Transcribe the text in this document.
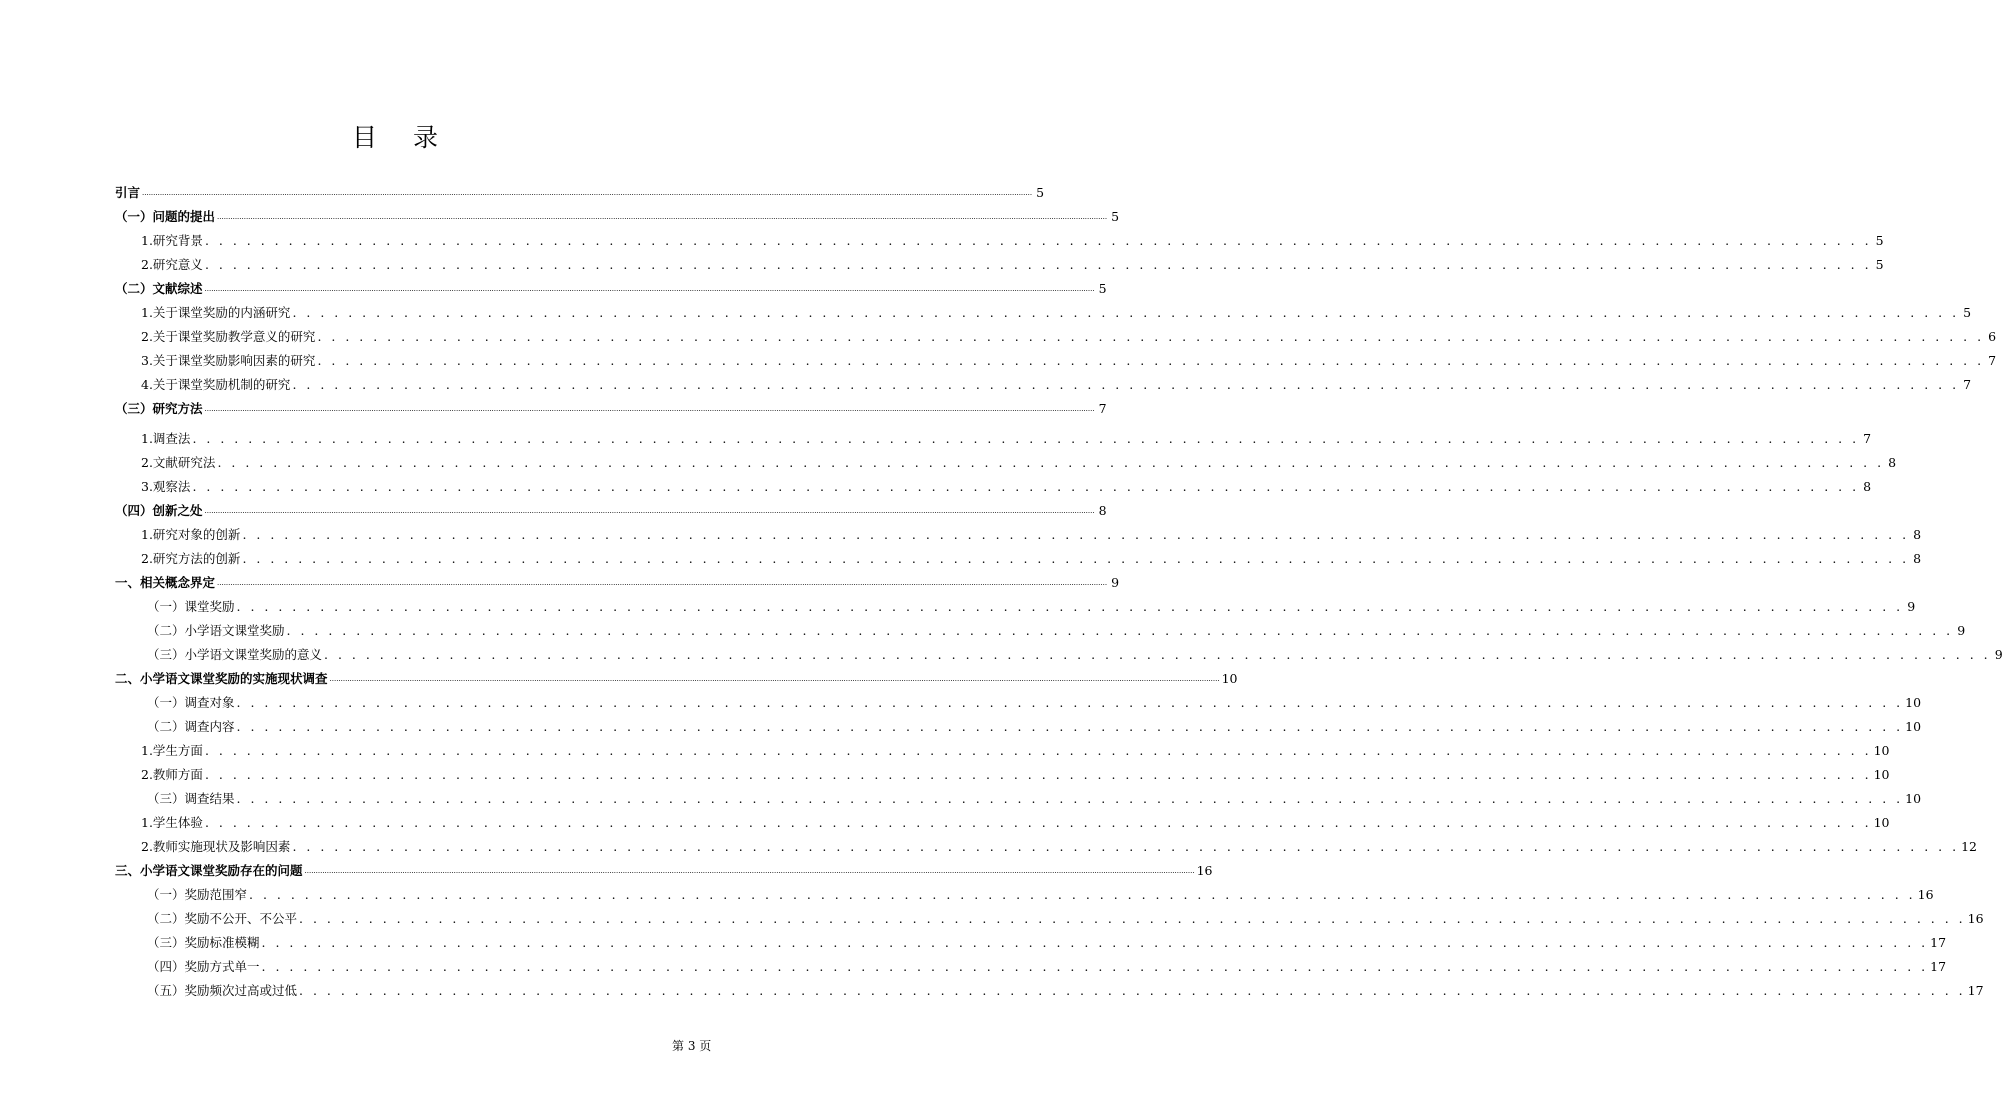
目 录
引言 ................................................................................................................................................................................................................................................................................................................................................................................................................ 5
（一）问题的提出 ................................................................................................................................................................................................................................................................................................................................................................................................................ 5
1.研究背景 . . . . . . . . . . . . . . . . . . . . . . . . . . . . . . . . . . . . . . . . . . . . . . . . . . . . . . . . . . . . . . . . . . . . . . . . . . . . . . . . . . . . . . . . . . . . . . . . . . . . . . . . . . . . . . . . . . . . . . . . 5
2.研究意义 . . . . . . . . . . . . . . . . . . . . . . . . . . . . . . . . . . . . . . . . . . . . . . . . . . . . . . . . . . . . . . . . . . . . . . . . . . . . . . . . . . . . . . . . . . . . . . . . . . . . . . . . . . . . . . . . . . . . . . . . 5
（二）文献综述 ................................................................................................................................................................................................................................................................................................................................................................................................................ 5
1.关于课堂奖励的内涵研究 . . . . . . . . . . . . . . . . . . . . . . . . . . . . . . . . . . . . . . . . . . . . . . . . . . . . . . . . . . . . . . . . . . . . . . . . . . . . . . . . . . . . . . . . . . . . . . . . . . . . . . . . . . . . . . . . . . . . . . . . 5
2.关于课堂奖励教学意义的研究 . . . . . . . . . . . . . . . . . . . . . . . . . . . . . . . . . . . . . . . . . . . . . . . . . . . . . . . . . . . . . . . . . . . . . . . . . . . . . . . . . . . . . . . . . . . . . . . . . . . . . . . . . . . . . . . . . . . . . . . . 6
3.关于课堂奖励影响因素的研究 . . . . . . . . . . . . . . . . . . . . . . . . . . . . . . . . . . . . . . . . . . . . . . . . . . . . . . . . . . . . . . . . . . . . . . . . . . . . . . . . . . . . . . . . . . . . . . . . . . . . . . . . . . . . . . . . . . . . . . . . 7
4.关于课堂奖励机制的研究 . . . . . . . . . . . . . . . . . . . . . . . . . . . . . . . . . . . . . . . . . . . . . . . . . . . . . . . . . . . . . . . . . . . . . . . . . . . . . . . . . . . . . . . . . . . . . . . . . . . . . . . . . . . . . . . . . . . . . . . . 7
（三）研究方法 ................................................................................................................................................................................................................................................................................................................................................................................................................ 7
1.调查法 . . . . . . . . . . . . . . . . . . . . . . . . . . . . . . . . . . . . . . . . . . . . . . . . . . . . . . . . . . . . . . . . . . . . . . . . . . . . . . . . . . . . . . . . . . . . . . . . . . . . . . . . . . . . . . . . . . . . . . . . 7
2.文献研究法 . . . . . . . . . . . . . . . . . . . . . . . . . . . . . . . . . . . . . . . . . . . . . . . . . . . . . . . . . . . . . . . . . . . . . . . . . . . . . . . . . . . . . . . . . . . . . . . . . . . . . . . . . . . . . . . . . . . . . . . . 8
3.观察法 . . . . . . . . . . . . . . . . . . . . . . . . . . . . . . . . . . . . . . . . . . . . . . . . . . . . . . . . . . . . . . . . . . . . . . . . . . . . . . . . . . . . . . . . . . . . . . . . . . . . . . . . . . . . . . . . . . . . . . . . 8
（四）创新之处 ................................................................................................................................................................................................................................................................................................................................................................................................................ 8
1.研究对象的创新 . . . . . . . . . . . . . . . . . . . . . . . . . . . . . . . . . . . . . . . . . . . . . . . . . . . . . . . . . . . . . . . . . . . . . . . . . . . . . . . . . . . . . . . . . . . . . . . . . . . . . . . . . . . . . . . . . . . . . . . . 8
2.研究方法的创新 . . . . . . . . . . . . . . . . . . . . . . . . . . . . . . . . . . . . . . . . . . . . . . . . . . . . . . . . . . . . . . . . . . . . . . . . . . . . . . . . . . . . . . . . . . . . . . . . . . . . . . . . . . . . . . . . . . . . . . . . 8
一、相关概念界定 ................................................................................................................................................................................................................................................................................................................................................................................................................ 9
（一）课堂奖励 . . . . . . . . . . . . . . . . . . . . . . . . . . . . . . . . . . . . . . . . . . . . . . . . . . . . . . . . . . . . . . . . . . . . . . . . . . . . . . . . . . . . . . . . . . . . . . . . . . . . . . . . . . . . . . . . . . . . . . . . 9
（二）小学语文课堂奖励 . . . . . . . . . . . . . . . . . . . . . . . . . . . . . . . . . . . . . . . . . . . . . . . . . . . . . . . . . . . . . . . . . . . . . . . . . . . . . . . . . . . . . . . . . . . . . . . . . . . . . . . . . . . . . . . . . . . . . . . . 9
（三）小学语文课堂奖励的意义 . . . . . . . . . . . . . . . . . . . . . . . . . . . . . . . . . . . . . . . . . . . . . . . . . . . . . . . . . . . . . . . . . . . . . . . . . . . . . . . . . . . . . . . . . . . . . . . . . . . . . . . . . . . . . . . . . . . . . . . . 9
二、小学语文课堂奖励的实施现状调查 ................................................................................................................................................................................................................................................................................................................................................................................................................ 10
（一）调查对象 . . . . . . . . . . . . . . . . . . . . . . . . . . . . . . . . . . . . . . . . . . . . . . . . . . . . . . . . . . . . . . . . . . . . . . . . . . . . . . . . . . . . . . . . . . . . . . . . . . . . . . . . . . . . . . . . . . . . . . . . 10
（二）调查内容 . . . . . . . . . . . . . . . . . . . . . . . . . . . . . . . . . . . . . . . . . . . . . . . . . . . . . . . . . . . . . . . . . . . . . . . . . . . . . . . . . . . . . . . . . . . . . . . . . . . . . . . . . . . . . . . . . . . . . . . . 10
1.学生方面 . . . . . . . . . . . . . . . . . . . . . . . . . . . . . . . . . . . . . . . . . . . . . . . . . . . . . . . . . . . . . . . . . . . . . . . . . . . . . . . . . . . . . . . . . . . . . . . . . . . . . . . . . . . . . . . . . . . . . . . . 10
2.教师方面 . . . . . . . . . . . . . . . . . . . . . . . . . . . . . . . . . . . . . . . . . . . . . . . . . . . . . . . . . . . . . . . . . . . . . . . . . . . . . . . . . . . . . . . . . . . . . . . . . . . . . . . . . . . . . . . . . . . . . . . . 10
（三）调查结果 . . . . . . . . . . . . . . . . . . . . . . . . . . . . . . . . . . . . . . . . . . . . . . . . . . . . . . . . . . . . . . . . . . . . . . . . . . . . . . . . . . . . . . . . . . . . . . . . . . . . . . . . . . . . . . . . . . . . . . . . 10
1.学生体验 . . . . . . . . . . . . . . . . . . . . . . . . . . . . . . . . . . . . . . . . . . . . . . . . . . . . . . . . . . . . . . . . . . . . . . . . . . . . . . . . . . . . . . . . . . . . . . . . . . . . . . . . . . . . . . . . . . . . . . . . 10
2.教师实施现状及影响因素 . . . . . . . . . . . . . . . . . . . . . . . . . . . . . . . . . . . . . . . . . . . . . . . . . . . . . . . . . . . . . . . . . . . . . . . . . . . . . . . . . . . . . . . . . . . . . . . . . . . . . . . . . . . . . . . . . . . . . . . . 12
三、小学语文课堂奖励存在的问题 ................................................................................................................................................................................................................................................................................................................................................................................................................ 16
（一）奖励范围窄 . . . . . . . . . . . . . . . . . . . . . . . . . . . . . . . . . . . . . . . . . . . . . . . . . . . . . . . . . . . . . . . . . . . . . . . . . . . . . . . . . . . . . . . . . . . . . . . . . . . . . . . . . . . . . . . . . . . . . . . . 16
（二）奖励不公开、不公平 . . . . . . . . . . . . . . . . . . . . . . . . . . . . . . . . . . . . . . . . . . . . . . . . . . . . . . . . . . . . . . . . . . . . . . . . . . . . . . . . . . . . . . . . . . . . . . . . . . . . . . . . . . . . . . . . . . . . . . . . 16
（三）奖励标准模糊 . . . . . . . . . . . . . . . . . . . . . . . . . . . . . . . . . . . . . . . . . . . . . . . . . . . . . . . . . . . . . . . . . . . . . . . . . . . . . . . . . . . . . . . . . . . . . . . . . . . . . . . . . . . . . . . . . . . . . . . . 17
（四）奖励方式单一 . . . . . . . . . . . . . . . . . . . . . . . . . . . . . . . . . . . . . . . . . . . . . . . . . . . . . . . . . . . . . . . . . . . . . . . . . . . . . . . . . . . . . . . . . . . . . . . . . . . . . . . . . . . . . . . . . . . . . . . . 17
（五）奖励频次过高或过低 . . . . . . . . . . . . . . . . . . . . . . . . . . . . . . . . . . . . . . . . . . . . . . . . . . . . . . . . . . . . . . . . . . . . . . . . . . . . . . . . . . . . . . . . . . . . . . . . . . . . . . . . . . . . . . . . . . . . . . . . 17
第 3 页
